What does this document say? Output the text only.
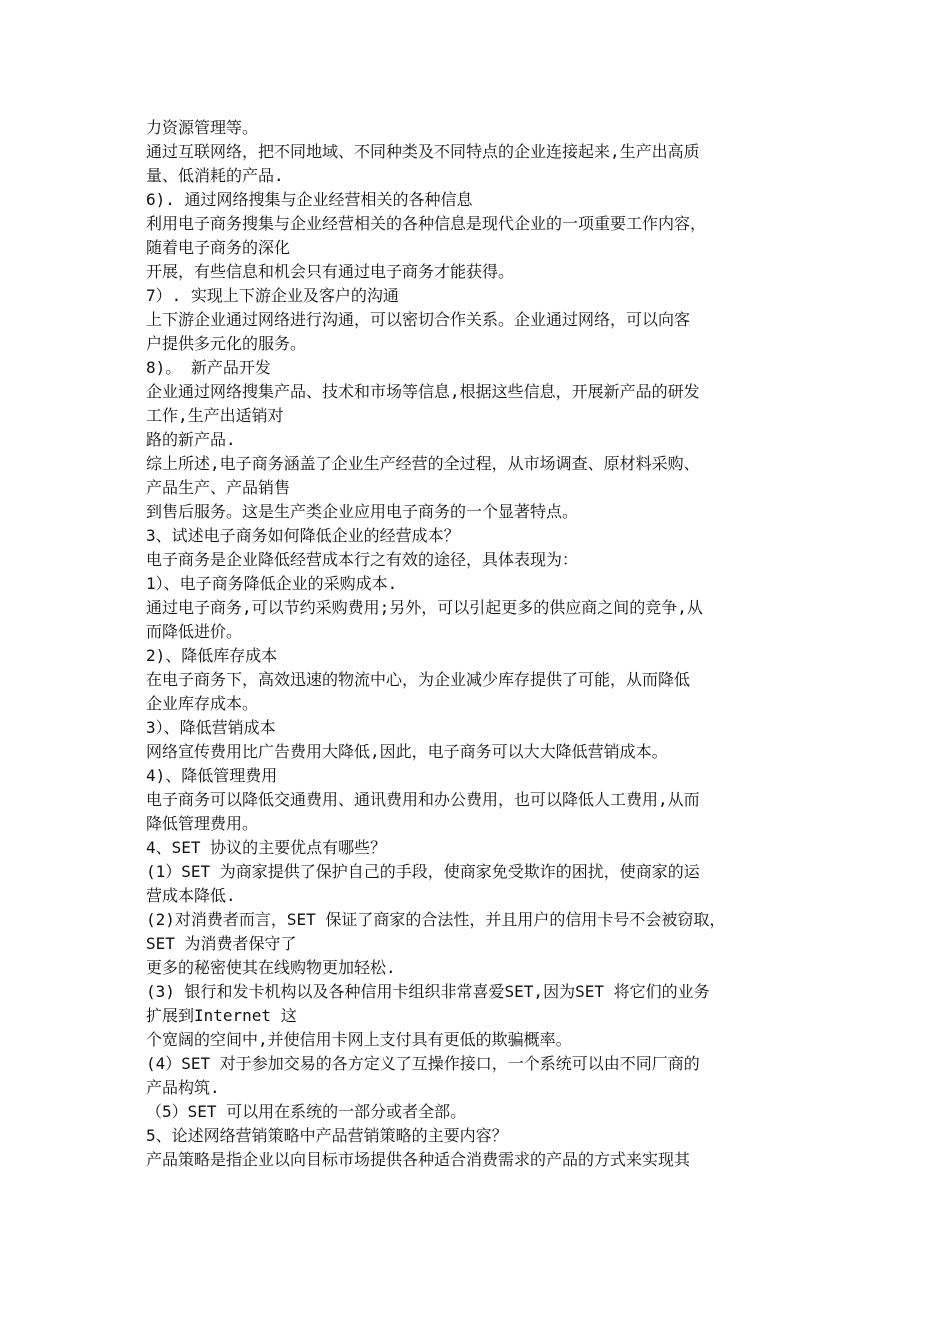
力资源管理等。

通过互联网络，把不同地域、不同种类及不同特点的企业连接起来,生产出高质

量、低消耗的产品.

6). 通过网络搜集与企业经营相关的各种信息

利用电子商务搜集与企业经营相关的各种信息是现代企业的一项重要工作内容，

随着电子商务的深化

开展，有些信息和机会只有通过电子商务才能获得。

7）. 实现上下游企业及客户的沟通

上下游企业通过网络进行沟通，可以密切合作关系。企业通过网络，可以向客

户提供多元化的服务。

8)。 新产品开发

企业通过网络搜集产品、技术和市场等信息,根据这些信息，开展新产品的研发

工作,生产出适销对

路的新产品.

综上所述,电子商务涵盖了企业生产经营的全过程，从市场调查、原材料采购、

产品生产、产品销售

到售后服务。这是生产类企业应用电子商务的一个显著特点。

3、试述电子商务如何降低企业的经营成本？

电子商务是企业降低经营成本行之有效的途径，具体表现为：

1）、电子商务降低企业的采购成本.

通过电子商务,可以节约采购费用;另外，可以引起更多的供应商之间的竞争,从

而降低进价。

2)、降低库存成本

在电子商务下，高效迅速的物流中心，为企业减少库存提供了可能，从而降低

企业库存成本。

3）、降低营销成本

网络宣传费用比广告费用大降低,因此，电子商务可以大大降低营销成本。

4)、降低管理费用

电子商务可以降低交通费用、通讯费用和办公费用，也可以降低人工费用,从而

降低管理费用。

4、SET 协议的主要优点有哪些？

(1）SET 为商家提供了保护自己的手段，使商家免受欺诈的困扰，使商家的运

营成本降低.

(2)对消费者而言，SET 保证了商家的合法性，并且用户的信用卡号不会被窃取，

SET 为消费者保守了

更多的秘密使其在线购物更加轻松.

(3) 银行和发卡机构以及各种信用卡组织非常喜爱SET,因为SET 将它们的业务

扩展到Internet 这

个宽阔的空间中,并使信用卡网上支付具有更低的欺骗概率。

(4）SET 对于参加交易的各方定义了互操作接口，一个系统可以由不同厂商的

产品构筑.

（5）SET 可以用在系统的一部分或者全部。

5、论述网络营销策略中产品营销策略的主要内容？

产品策略是指企业以向目标市场提供各种适合消费需求的产品的方式来实现其
